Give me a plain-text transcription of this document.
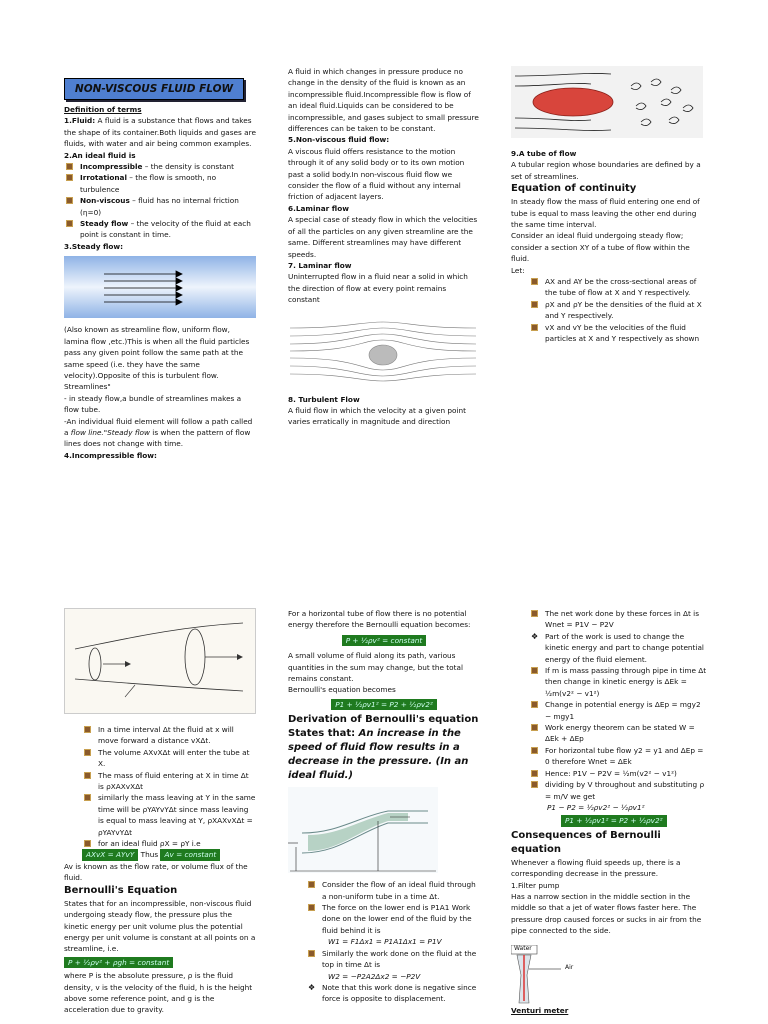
NON-VISCOUS FLUID FLOW

Definition of terms

1.Fluid: A fluid is a substance that flows and takes the shape of its container.Both liquids and gases are fluids, with water and air being common examples.

2.An ideal fluid is

Incompressible – the density is constant
Irrotational – the flow is smooth, no turbulence
Non-viscous – fluid has no internal friction (η=0)
Steady flow – the velocity of the fluid at each point is constant in time.

3.Steady flow:

(Also known as streamline flow, uniform flow, lamina flow ,etc.)This is when all the fluid particles pass any given point follow the same path at the same speed (i.e. they have the same velocity).Opposite of this is turbulent flow. Streamlines"

- in steady flow,a bundle of streamlines makes a flow tube.

-An individual fluid element will follow a path called a flow line."Steady flow is when the pattern of flow lines does not change with time.

4.Incompressible flow:

A fluid in which changes in pressure produce no change in the density of the fluid is known as an incompressible fluid.Incompressible flow is flow of an ideal fluid.Liquids can be considered to be incompressible, and gases subject to small pressure differences can be taken to be constant.

5.Non-viscous fluid flow:

A viscous fluid offers resistance to the motion through it of any solid body or to its own motion past a solid body.In non-viscous fluid flow we consider the flow of a fluid without any internal friction of adjacent layers.

6.Laminar flow

A special case of steady flow in which the velocities of all the particles on any given streamline are the same. Different streamlines may have different speeds.

7. Laminar flow

Uninterrupted flow in a fluid near a solid in which the direction of flow at every point remains constant

8. Turbulent Flow

A fluid flow in which the velocity at a given point varies erratically in magnitude and direction

9.A tube of flow

A tubular region whose boundaries are defined by a set of streamlines.

Equation of continuity

In steady flow the mass of fluid entering one end of tube is equal to mass leaving the other end during the same time interval.

Consider an ideal fluid undergoing steady flow; consider a section XY of a tube of flow within the fluid.

Let:

AX and AY be the cross-sectional areas of the tube of flow at X and Y respectively.
ρX and ρY be the densities of the fluid at X and Y respectively.
vX and vY be the velocities of the fluid particles at X and Y respectively as shown
In a time interval Δt the fluid at x will move forward a distance vXΔt.
The volume AXvXΔt will enter the tube at X.
The mass of fluid entering at X in time Δt is ρXAXvXΔt
similarly the mass leaving at Y in the same time will be ρYAYvYΔt since mass leaving is equal to mass leaving at Y, ρXAXvXΔt = ρYAYvYΔt
for an ideal fluid ρX = ρY i.e

AXvX = AYvY Thus Av = constant

Av is known as the flow rate, or volume flux of the fluid.

Bernoulli's Equation

States that for an incompressible, non-viscous fluid undergoing steady flow, the pressure plus the kinetic energy per unit volume plus the potential energy per unit volume is constant at all points on a streamline, i.e.

P + ½ρv² + ρgh = constant

where P is the absolute pressure, ρ is the fluid density, v is the velocity of the fluid, h is the height above some reference point, and g is the acceleration due to gravity.

For a horizontal tube of flow there is no potential energy therefore the Bernoulli equation becomes:

P + ½ρv² = constant

A small volume of fluid along its path, various quantities in the sum may change, but the total remains constant.

Bernoulli's equation becomes

P1 + ½ρv1² = P2 + ½ρv2²

Derivation of Bernoulli's equation

States that: An increase in the speed of fluid flow results in a decrease in the pressure. (In an ideal fluid.)

Consider the flow of an ideal fluid through a non-uniform tube in a time Δt.
The force on the lower end is P1A1 Work done on the lower end of the fluid by the fluid behind it is

W1 = F1Δx1 = P1A1Δx1 = P1V

Similarly the work done on the fluid at the top in time Δt is

W2 = −P2A2Δx2 = −P2V

❖ Note that this work done is negative since force is opposite to displacement.
The net work done by these forces in Δt is Wnet = P1V − P2V
❖ Part of the work is used to change the kinetic energy and part to change potential energy of the fluid element.
If m is mass passing through pipe in time Δt then change in kinetic energy is ΔEk = ½m(v2² − v1²)
Change in potential energy is ΔEp = mgy2 − mgy1
Work energy theorem can be stated W = ΔEk + ΔEp
For horizontal tube flow y2 = y1 and ΔEp = 0 therefore Wnet = ΔEk
Hence: P1V − P2V = ½m(v2² − v1²)
dividing by V throughout and substituting ρ = m/V we get

P1 − P2 = ½ρv2² − ½ρv1²

P1 + ½ρv1² = P2 + ½ρv2²

Consequences of Bernoulli equation

Whenever a flowing fluid speeds up, there is a corresponding decrease in the pressure.

1.Filter pump

Has a narrow section in the middle section in the middle so that a jet of water flows faster here. The pressure drop caused forces or sucks in air from the pipe connected to the side.

Water
Air

Venturi meter
